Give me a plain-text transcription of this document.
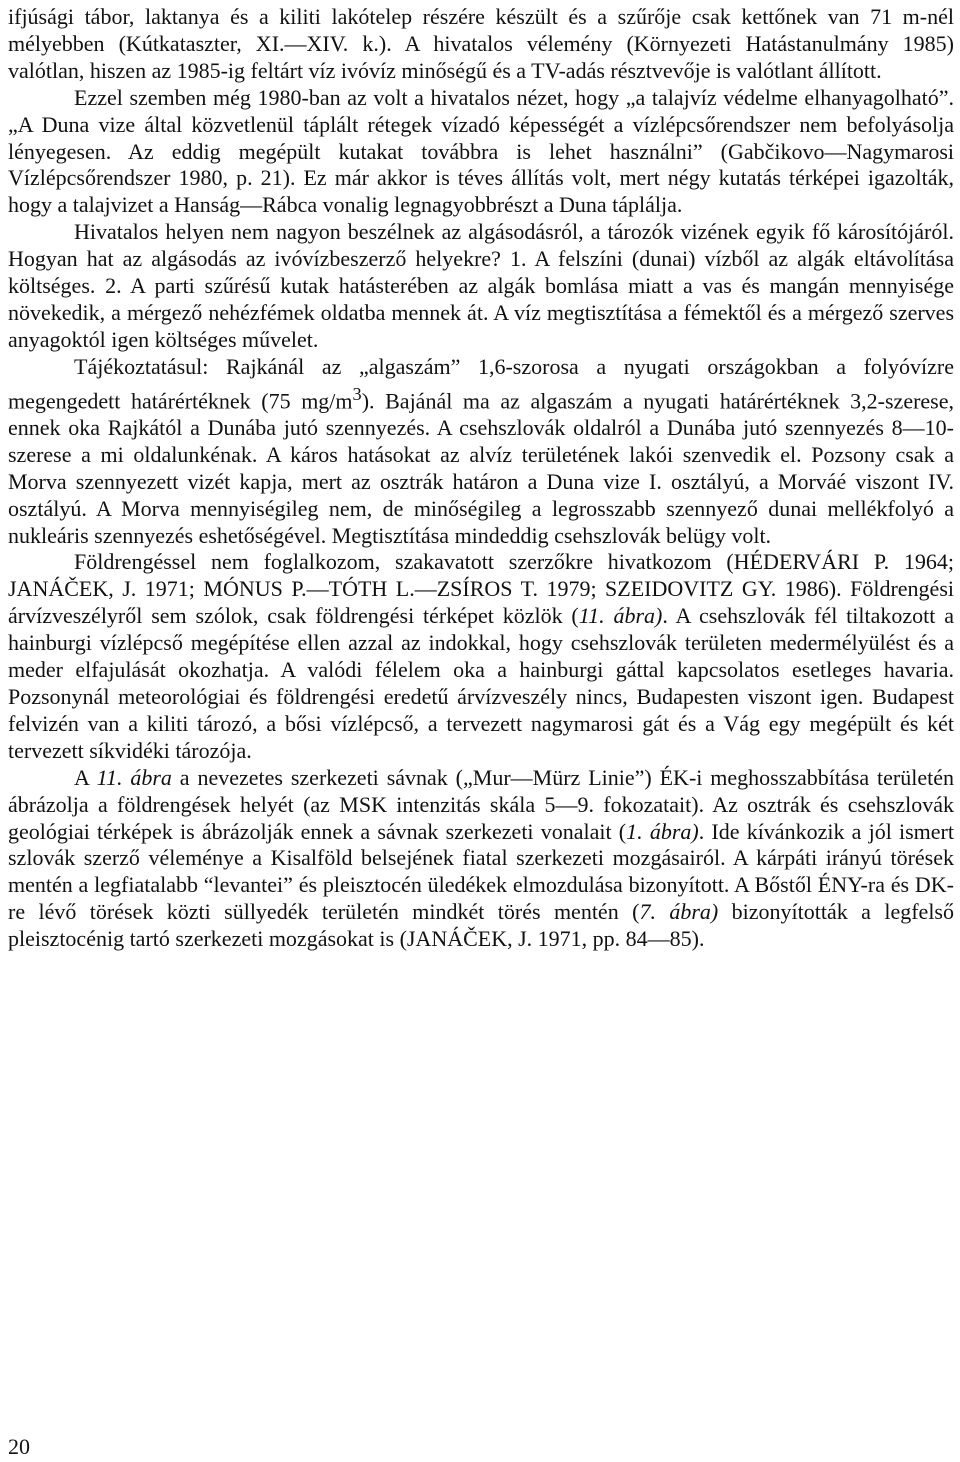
ifjúsági tábor, laktanya és a kiliti lakótelep részére készült és a szűrője csak kettőnek van 71 m-nél mélyebben (Kútkataszter, XI.—XIV. k.). A hivatalos vélemény (Környezeti Hatástanulmány 1985) valótlan, hiszen az 1985-ig feltárt víz ivóvíz minőségű és a TV-adás résztvevője is valótlant állított.

Ezzel szemben még 1980-ban az volt a hivatalos nézet, hogy „a talajvíz védelme elhanyagolható”. „A Duna vize által közvetlenül táplált rétegek vízadó képességét a vízlépcsőrendszer nem befolyásolja lényegesen. Az eddig megépült kutakat továbbra is lehet használni” (Gabčikovo—Nagymarosi Vízlépcsőrendszer 1980, p. 21). Ez már akkor is téves állítás volt, mert négy kutatás térképei igazolták, hogy a talajvizet a Hanság—Rábca vonalig legnagyobbrészt a Duna táplálja.

Hivatalos helyen nem nagyon beszélnek az algásodásról, a tározók vizének egyik fő károsítójáról. Hogyan hat az algásodás az ivóvízbeszerző helyekre? 1. A felszíni (dunai) vízből az algák eltávolítása költséges. 2. A parti szűrésű kutak hatásterében az algák bomlása miatt a vas és mangán mennyisége növekedik, a mérgező nehézfémek oldatba mennek át. A víz megtisztítása a fémektől és a mérgező szerves anyagoktól igen költséges művelet.

Tájékoztatásul: Rajkánál az „algaszám” 1,6-szorosa a nyugati országokban a folyóvízre megengedett határértéknek (75 $mg/m^3$). Bajánál ma az algaszám a nyugati határértéknek 3,2-szerese, ennek oka Rajkától a Dunába jutó szennyezés. A csehszlovák oldalról a Dunába jutó szennyezés 8—10-szerese a mi oldalunkénak. A káros hatásokat az alvíz területének lakói szenvedik el. Pozsony csak a Morva szennyezett vizét kapja, mert az osztrák határon a Duna vize I. osztályú, a Morváé viszont IV. osztályú. A Morva mennyiségileg nem, de minőségileg a legrosszabb szennyező dunai mellékfolyó a nukleáris szennyezés eshetőségével. Megtisztítása mindeddig csehszlovák belügy volt.

Földrengéssel nem foglalkozom, szakavatott szerzőkre hivatkozom (HÉDERVÁRI P. 1964; JANÁČEK, J. 1971; MÓNUS P.—TÓTH L.—ZSÍROS T. 1979; SZEIDOVITZ GY. 1986). Földrengési árvízveszélyről sem szólok, csak földrengési térképet közlök (11. ábra). A csehszlovák fél tiltakozott a hainburgi vízlépcső megépítése ellen azzal az indokkal, hogy csehszlovák területen medermélyülést és a meder elfajulását okozhatja. A valódi félelem oka a hainburgi gáttal kapcsolatos esetleges havaria. Pozsonynál meteorológiai és földrengési eredetű árvízveszély nincs, Budapesten viszont igen. Budapest felvizén van a kiliti tározó, a bősi vízlépcső, a tervezett nagymarosi gát és a Vág egy megépült és két tervezett síkvidéki tározója.

A 11. ábra a nevezetes szerkezeti sávnak („Mur—Mürz Linie”) ÉK-i meghosszabbítása területén ábrázolja a földrengések helyét (az MSK intenzitás skála 5—9. fokozatait). Az osztrák és csehszlovák geológiai térképek is ábrázolják ennek a sávnak szerkezeti vonalait (1. ábra). Ide kívánkozik a jól ismert szlovák szerző véleménye a Kisalföld belsejének fiatal szerkezeti mozgásairól. A kárpáti irányú törések mentén a legfiatalabb “levantei” és pleisztocén üledékek elmozdulása bizonyított. A Bőstől ÉNY-ra és DK-re lévő törések közti süllyedék területén mindkét törés mentén (7. ábra) bizonyították a legfelső pleisztocénig tartó szerkezeti mozgásokat is (JANÁČEK, J. 1971, pp. 84—85).

20
